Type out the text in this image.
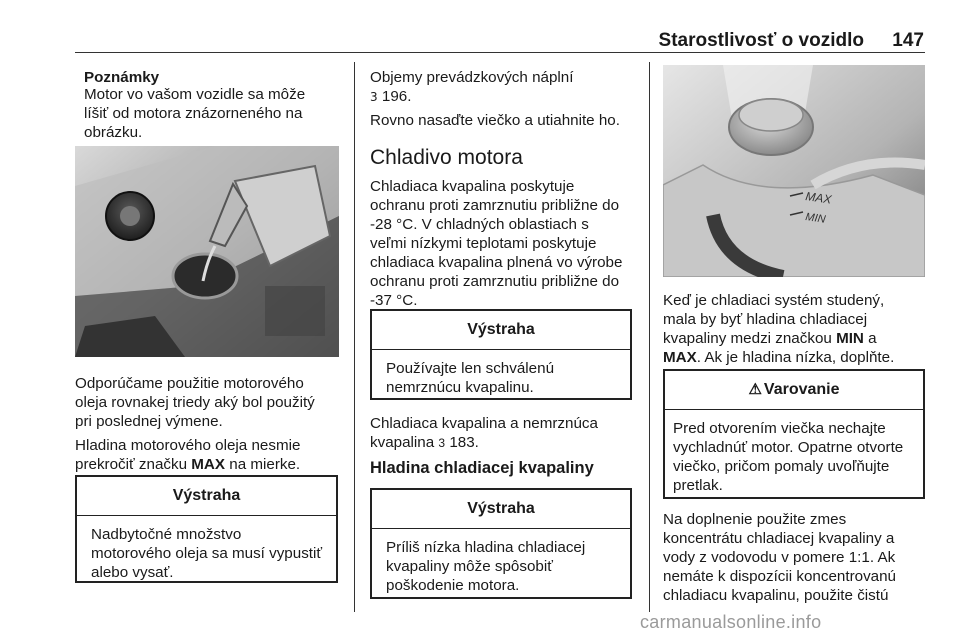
Starostlivosť o vozidlo 147

Poznámky

Motor vo vašom vozidle sa môže

líšiť od motora znázorneného na

obrázku.

Odporúčame použitie motorového

oleja rovnakej triedy aký bol použitý

pri poslednej výmene.

Hladina motorového oleja nesmie

prekročiť značku MAX na mierke.

Výstraha
Nadbytočné množstvo
motorového oleja sa musí vypustiť
alebo vysať.

Objemy prevádzkových náplní

3 196.

Rovno nasaďte viečko a utiahnite ho.

Chladivo motora

Chladiaca kvapalina poskytuje

ochranu proti zamrznutiu približne do

-28 °C. V chladných oblastiach s

veľmi nízkymi teplotami poskytuje

chladiaca kvapalina plnená vo výrobe

ochranu proti zamrznutiu približne do

-37 °C.

Výstraha
Používajte len schválenú
nemrznúcu kvapalinu.

Chladiaca kvapalina a nemrznúca

kvapalina 3 183.

Hladina chladiacej kvapaliny
Výstraha
Príliš nízka hladina chladiacej
kvapaliny môže spôsobiť
poškodenie motora.
MAX
MIN

Keď je chladiaci systém studený,

mala by byť hladina chladiacej

kvapaliny medzi značkou MIN a

MAX. Ak je hladina nízka, doplňte.

⚠ Varovanie
Pred otvorením viečka nechajte
vychladnúť motor. Opatrne otvorte
viečko, pričom pomaly uvoľňujte
pretlak.

Na doplnenie použite zmes

koncentrátu chladiacej kvapaliny a

vody z vodovodu v pomere 1:1. Ak

nemáte k dispozícii koncentrovanú

chladiacu kvapalinu, použite čistú

carmanualsonline.info
